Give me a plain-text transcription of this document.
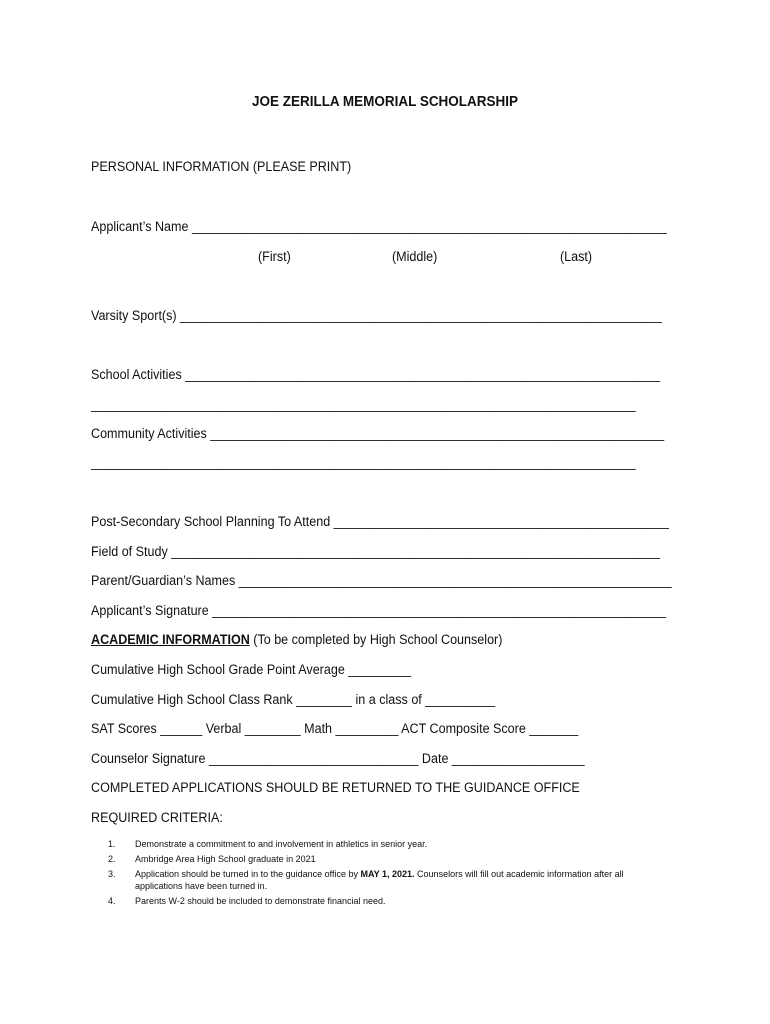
JOE ZERILLA MEMORIAL SCHOLARSHIP
PERSONAL INFORMATION (PLEASE PRINT)
Applicant’s Name ____________________________________________________________________
(First)	(Middle)	(Last)
Varsity Sport(s) _____________________________________________________________________
School Activities ____________________________________________________________________
______________________________________________________________________________
Community Activities _________________________________________________________________
______________________________________________________________________________
Post-Secondary School Planning To Attend ________________________________________________
Field of Study ______________________________________________________________________
Parent/Guardian’s Names ______________________________________________________________
Applicant’s Signature _________________________________________________________________
ACADEMIC INFORMATION (To be completed by High School Counselor)
Cumulative High School Grade Point Average _________
Cumulative High School Class Rank ________ in a class of __________
SAT Scores ______ Verbal ________ Math _________ ACT Composite Score _______
Counselor Signature ______________________________ Date ___________________
COMPLETED APPLICATIONS SHOULD BE RETURNED TO THE GUIDANCE OFFICE
REQUIRED CRITERIA:
1.	Demonstrate a commitment to and involvement in athletics in senior year.
2.	Ambridge Area High School graduate in 2021
3.	Application should be turned in to the guidance office by MAY 1, 2021. Counselors will fill out academic information after all applications have been turned in.
4.	Parents W-2 should be included to demonstrate financial need.
